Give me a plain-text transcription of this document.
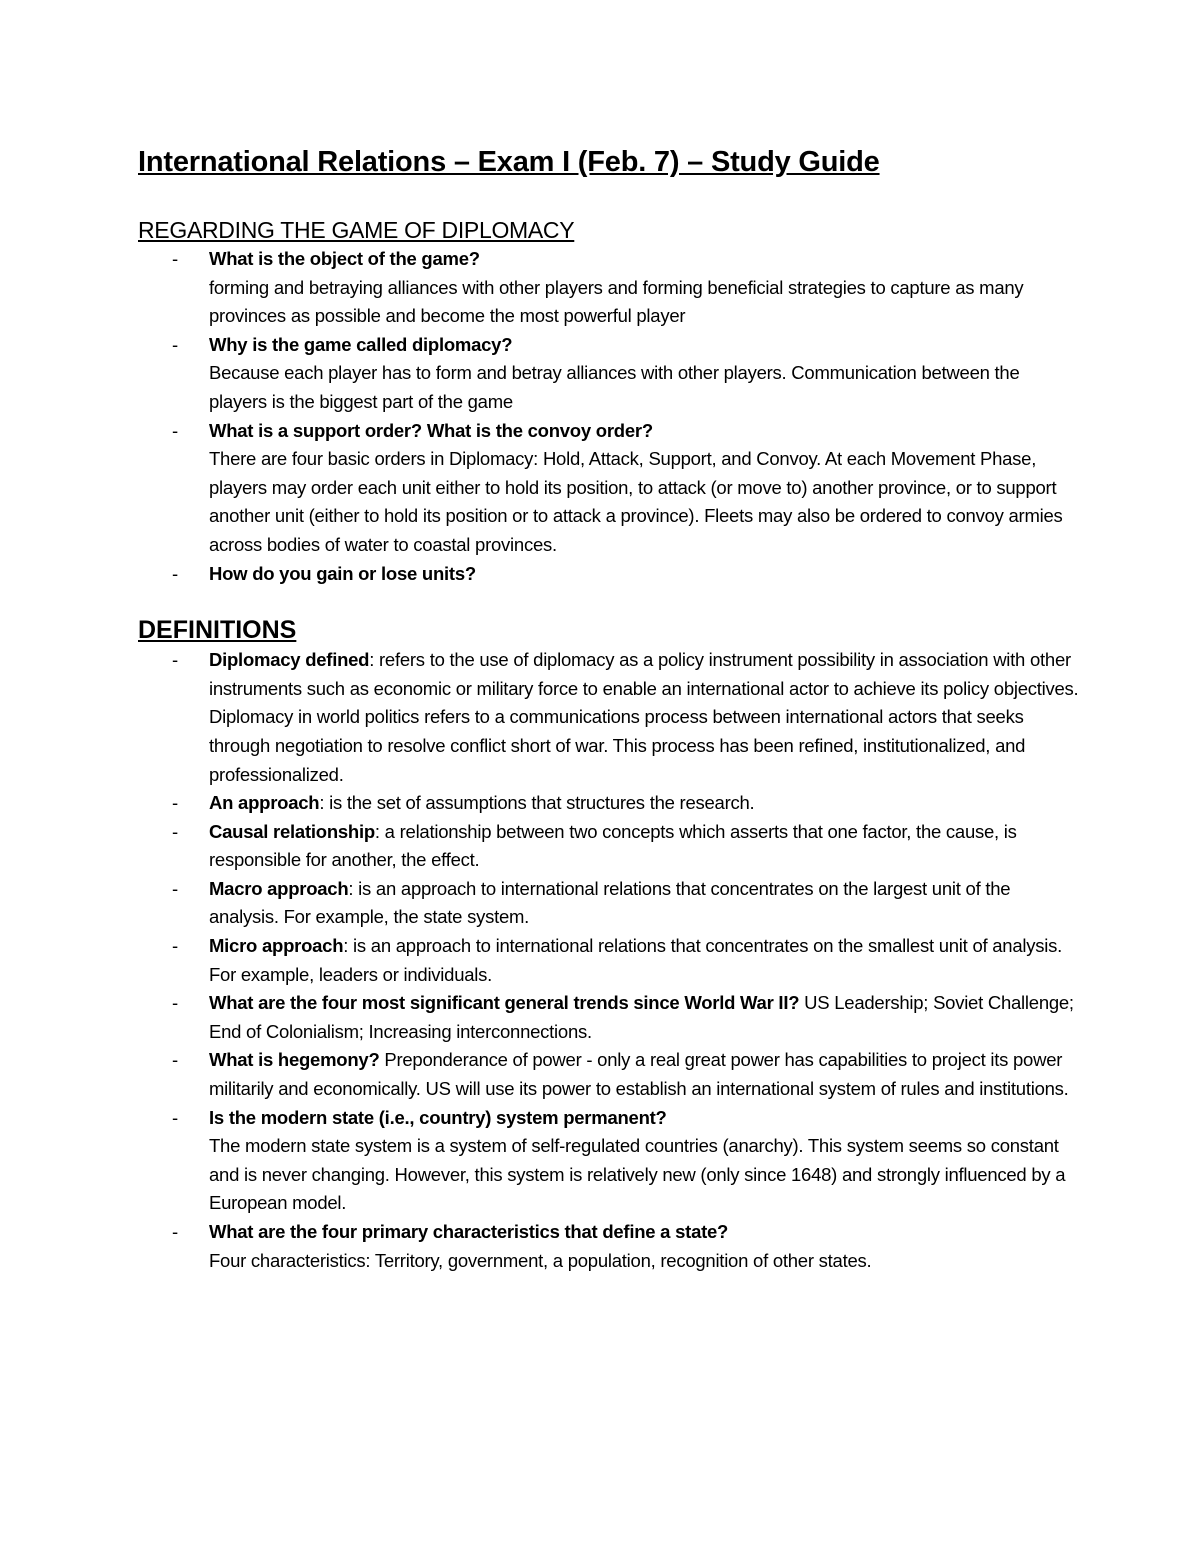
International Relations – Exam I (Feb. 7) – Study Guide
REGARDING THE GAME OF DIPLOMACY
- What is the object of the game?
forming and betraying alliances with other players and forming beneficial strategies to capture as many provinces as possible and become the most powerful player
- Why is the game called diplomacy?
Because each player has to form and betray alliances with other players. Communication between the players is the biggest part of the game
- What is a support order? What is the convoy order?
There are four basic orders in Diplomacy: Hold, Attack, Support, and Convoy. At each Movement Phase, players may order each unit either to hold its position, to attack (or move to) another province, or to support another unit (either to hold its position or to attack a province). Fleets may also be ordered to convoy armies across bodies of water to coastal provinces.
- How do you gain or lose units?
DEFINITIONS
- Diplomacy defined: refers to the use of diplomacy as a policy instrument possibility in association with other instruments such as economic or military force to enable an international actor to achieve its policy objectives. Diplomacy in world politics refers to a communications process between international actors that seeks through negotiation to resolve conflict short of war. This process has been refined, institutionalized, and professionalized.
- An approach: is the set of assumptions that structures the research.
- Causal relationship: a relationship between two concepts which asserts that one factor, the cause, is responsible for another, the effect.
- Macro approach: is an approach to international relations that concentrates on the largest unit of the analysis. For example, the state system.
- Micro approach: is an approach to international relations that concentrates on the smallest unit of analysis. For example, leaders or individuals.
- What are the four most significant general trends since World War II? US Leadership; Soviet Challenge; End of Colonialism; Increasing interconnections.
- What is hegemony? Preponderance of power - only a real great power has capabilities to project its power militarily and economically. US will use its power to establish an international system of rules and institutions.
- Is the modern state (i.e., country) system permanent?
The modern state system is a system of self-regulated countries (anarchy). This system seems so constant and is never changing. However, this system is relatively new (only since 1648) and strongly influenced by a European model.
- What are the four primary characteristics that define a state?
Four characteristics: Territory, government, a population, recognition of other states.
